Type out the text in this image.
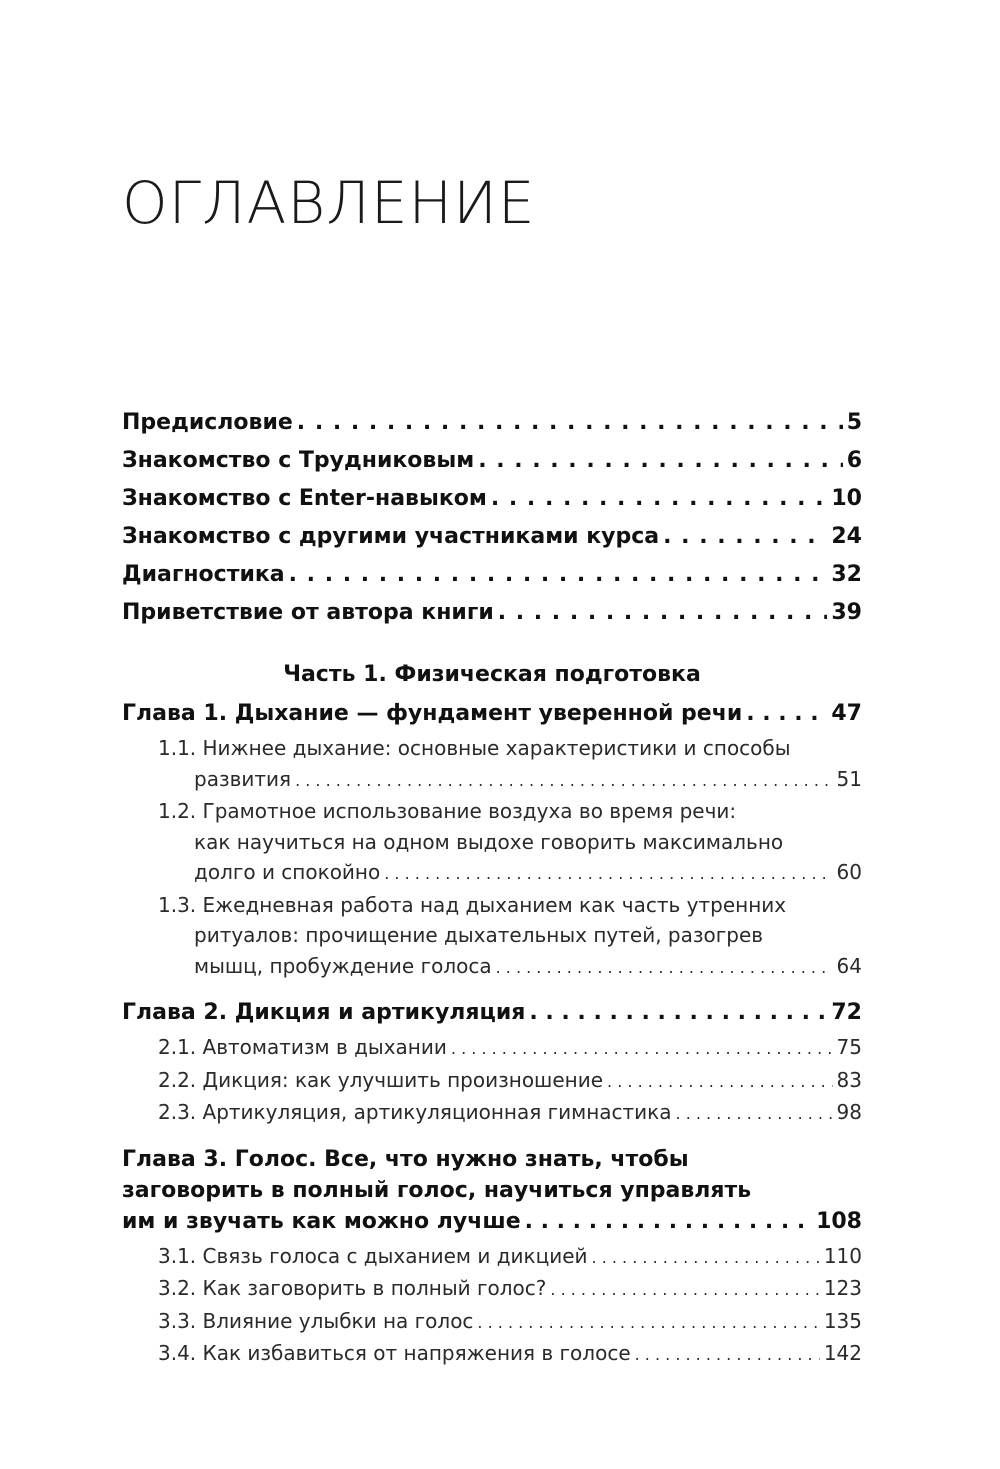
ОГЛАВЛЕНИЕ
Предисловие . . .	5
Знакомство с Трудниковым . . .	6
Знакомство с Enter-навыком . . .	10
Знакомство с другими участниками курса . . .	24
Диагностика . . .	32
Приветствие от автора книги . . .	39
Часть 1. Физическая подготовка
Глава 1. Дыхание — фундамент уверенной речи . . .	47
1.1. Нижнее дыхание: основные характеристики и способы
развития . . .	51
1.2. Грамотное использование воздуха во время речи:
как научиться на одном выдохе говорить максимально
долго и спокойно . . .	60
1.3. Ежедневная работа над дыханием как часть утренних
ритуалов: прочищение дыхательных путей, разогрев
мышц, пробуждение голоса . . .	64
Глава 2. Дикция и артикуляция . . .	72
2.1. Автоматизм в дыхании . . .	75
2.2. Дикция: как улучшить произношение . . .	83
2.3. Артикуляция, артикуляционная гимнастика . . .	98
Глава 3. Голос. Все, что нужно знать, чтобы
заговорить в полный голос, научиться управлять
им и звучать как можно лучше . . .	108
3.1. Связь голоса с дыханием и дикцией . . .	110
3.2. Как заговорить в полный голос? . . .	123
3.3. Влияние улыбки на голос . . .	135
3.4. Как избавиться от напряжения в голосе . . .	142
